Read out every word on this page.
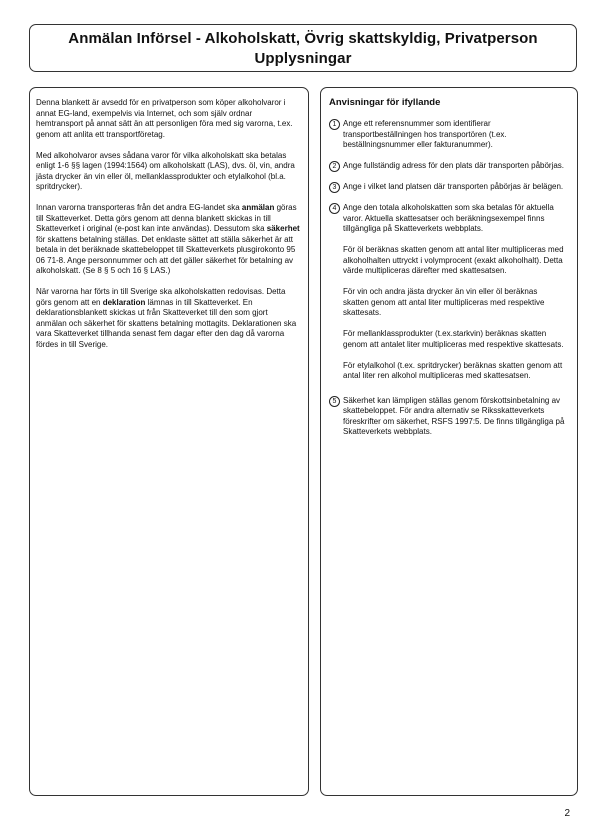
Anmälan Införsel - Alkoholskatt, Övrig skattskyldig, Privatperson
Upplysningar

Denna blankett är avsedd för en privatperson som köper alkoholvaror i annat EG-land, exempelvis via Internet, och som själv ordnar hemtransport på annat sätt än att personligen föra med sig varorna, t.ex. genom att anlita ett transportföretag.

Med alkoholvaror avses sådana varor för vilka alkoholskatt ska betalas enligt 1-6 §§ lagen (1994:1564) om alkoholskatt (LAS), dvs. öl, vin, andra jästa drycker än vin eller öl, mellanklassprodukter och etylalkohol (bl.a. spritdrycker).

Innan varorna transporteras från det andra EG-landet ska anmälan göras till Skatteverket. Detta görs genom att denna blankett skickas in till Skatteverket i original (e-post kan inte användas). Dessutom ska säkerhet för skattens betalning ställas. Det enklaste sättet att ställa säkerhet är att betala in det beräknade skattebeloppet till Skatteverkets plusgirokonto 95 06 71-8. Ange personnummer och att det gäller säkerhet för betalning av alkoholskatt. (Se 8 § 5 och 16 § LAS.)

När varorna har förts in till Sverige ska alkoholskatten redovisas. Detta görs genom att en deklaration lämnas in till Skatteverket. En deklarationsblankett skickas ut från Skatteverket till den som gjort anmälan och säkerhet för skattens betalning mottagits. Deklarationen ska vara Skatteverket tillhanda senast fem dagar efter den dag då varorna fördes in till Sverige.

Anvisningar för ifyllande
1 Ange ett referensnummer som identifierar transportbeställningen hos transportören (t.ex. beställningsnummer eller fakturanummer).
2 Ange fullständig adress för den plats där transporten påbörjas.
3 Ange i vilket land platsen där transporten påbörjas är belägen.
4 Ange den totala alkoholskatten som ska betalas för aktuella varor. Aktuella skattesatser och beräkningsexempel finns tillgängliga på Skatteverkets webbplats.

För öl beräknas skatten genom att antal liter multipliceras med alkoholhalten uttryckt i volymprocent (exakt alkoholhalt). Detta värde multipliceras därefter med skattesatsen.

För vin och andra jästa drycker än vin eller öl beräknas skatten genom att antal liter multipliceras med respektive skattesats.

För mellanklassprodukter (t.ex.starkvin) beräknas skatten genom att antalet liter multipliceras med respektive skattesats.

För etylalkohol (t.ex. spritdrycker) beräknas skatten genom att antal liter ren alkohol multipliceras med skattesatsen.

5 Säkerhet kan lämpligen ställas genom förskottsinbetalning av skattebeloppet. För andra alternativ se Riksskatteverkets föreskrifter om säkerhet, RSFS 1997:5. De finns tillgängliga på Skatteverkets webbplats.
2
